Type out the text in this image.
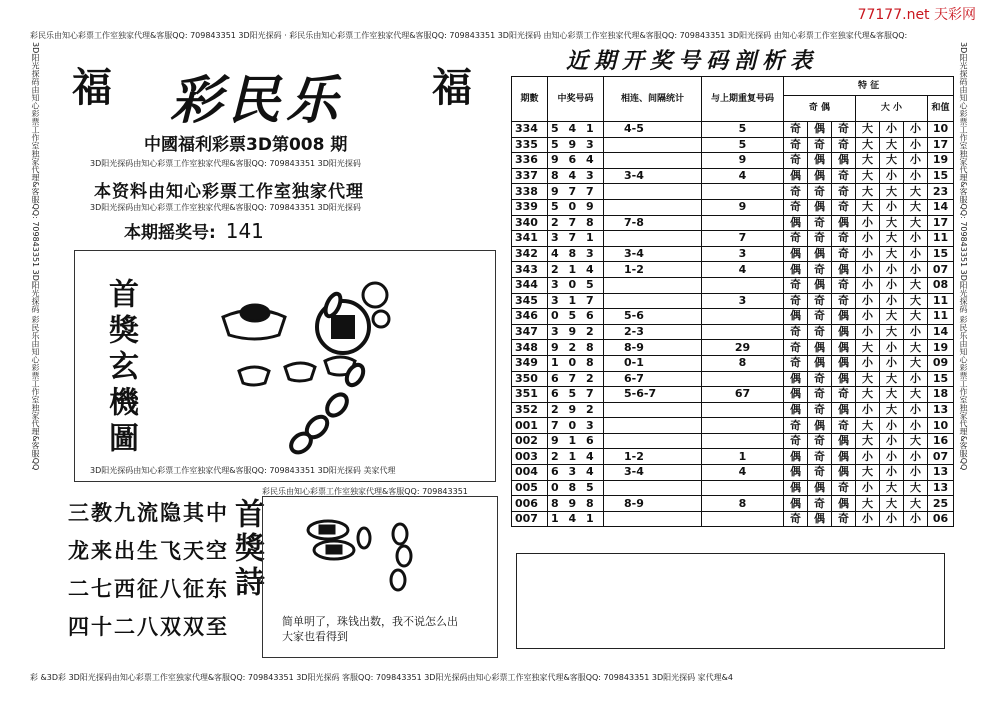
77177.net 天彩网
彩民乐由知心彩票工作室独家代理&客服QQ: 709843351 3D阳光探码 · 彩民乐由知心彩票工作室独家代理&客服QQ: 709843351 3D阳光探码 由知心彩票工作室独家代理&客服QQ: 709843351 3D阳光探码 由知心彩票工作室独家代理&客服QQ:
彩 &3D彩 3D阳光探码由知心彩票工作室独家代理&客服QQ: 709843351 3D阳光探码 客服QQ: 709843351 3D阳光探码由知心彩票工作室独家代理&客服QQ: 709843351 3D阳光探码 家代理&4
3D阳光探码由知心彩票工作室独家代理&客服QQ: 709843351 3D阳光探码 彩民乐由知心彩票工作室独家代理&客服QQ	3D阳光探码由知心彩票工作室独家代理&客服QQ: 709843351 3D阳光探码 彩民乐由知心彩票工作室独家代理&客服QQ
福	福
彩民乐
中國福利彩票3D第008 期
3D阳光探码由知心彩票工作室独家代理&客服QQ: 709843351 3D阳光探码
本资料由知心彩票工作室独家代理
3D阳光探码由知心彩票工作室独家代理&客服QQ: 709843351 3D阳光探码
本期摇奖号: 141
首獎玄機圖
3D阳光探码由知心彩票工作室独家代理&客服QQ: 709843351 3D阳光探码 美家代理
三教九流隐其中
龙来出生飞天空
二七西征八征东
四十二八双双至
首獎詩
彩民乐由知心彩票工作室独家代理&客服QQ: 709843351
简单明了，珠钱出数，我不说怎么出大家也看得到
近期开奖号码剖析表
期數	中奖号码	相连、间隔统计	与上期重复号码	特 征						
				奇 偶			大 小			和值
334	5 4 1	4-5	5	奇	偶	奇	大	小	小	10
335	5 9 3		5	奇	奇	奇	大	大	小	17
336	9 6 4		9	奇	偶	偶	大	大	小	19
337	8 4 3	3-4	4	偶	偶	奇	大	小	小	15
338	9 7 7			奇	奇	奇	大	大	大	23
339	5 0 9		9	奇	偶	奇	大	小	大	14
340	2 7 8	7-8		偶	奇	偶	小	大	大	17
341	3 7 1		7	奇	奇	奇	小	大	小	11
342	4 8 3	3-4	3	偶	偶	奇	小	大	小	15
343	2 1 4	1-2	4	偶	奇	偶	小	小	小	07
344	3 0 5			奇	偶	奇	小	小	大	08
345	3 1 7		3	奇	奇	奇	小	小	大	11
346	0 5 6	5-6		偶	奇	偶	小	大	大	11
347	3 9 2	2-3		奇	奇	偶	小	大	小	14
348	9 2 8	8-9	29	奇	偶	偶	大	小	大	19
349	1 0 8	0-1	8	奇	偶	偶	小	小	大	09
350	6 7 2	6-7		偶	奇	偶	大	大	小	15
351	6 5 7	5-6-7	67	偶	奇	奇	大	大	大	18
352	2 9 2			偶	奇	偶	小	大	小	13
001	7 0 3			奇	偶	奇	大	小	小	10
002	9 1 6			奇	奇	偶	大	小	大	16
003	2 1 4	1-2	1	偶	奇	偶	小	小	小	07
004	6 3 4	3-4	4	偶	奇	偶	大	小	小	13
005	0 8 5			偶	偶	奇	小	大	大	13
006	8 9 8	8-9	8	偶	奇	偶	大	大	大	25
007	1 4 1			奇	偶	奇	小	小	小	06
